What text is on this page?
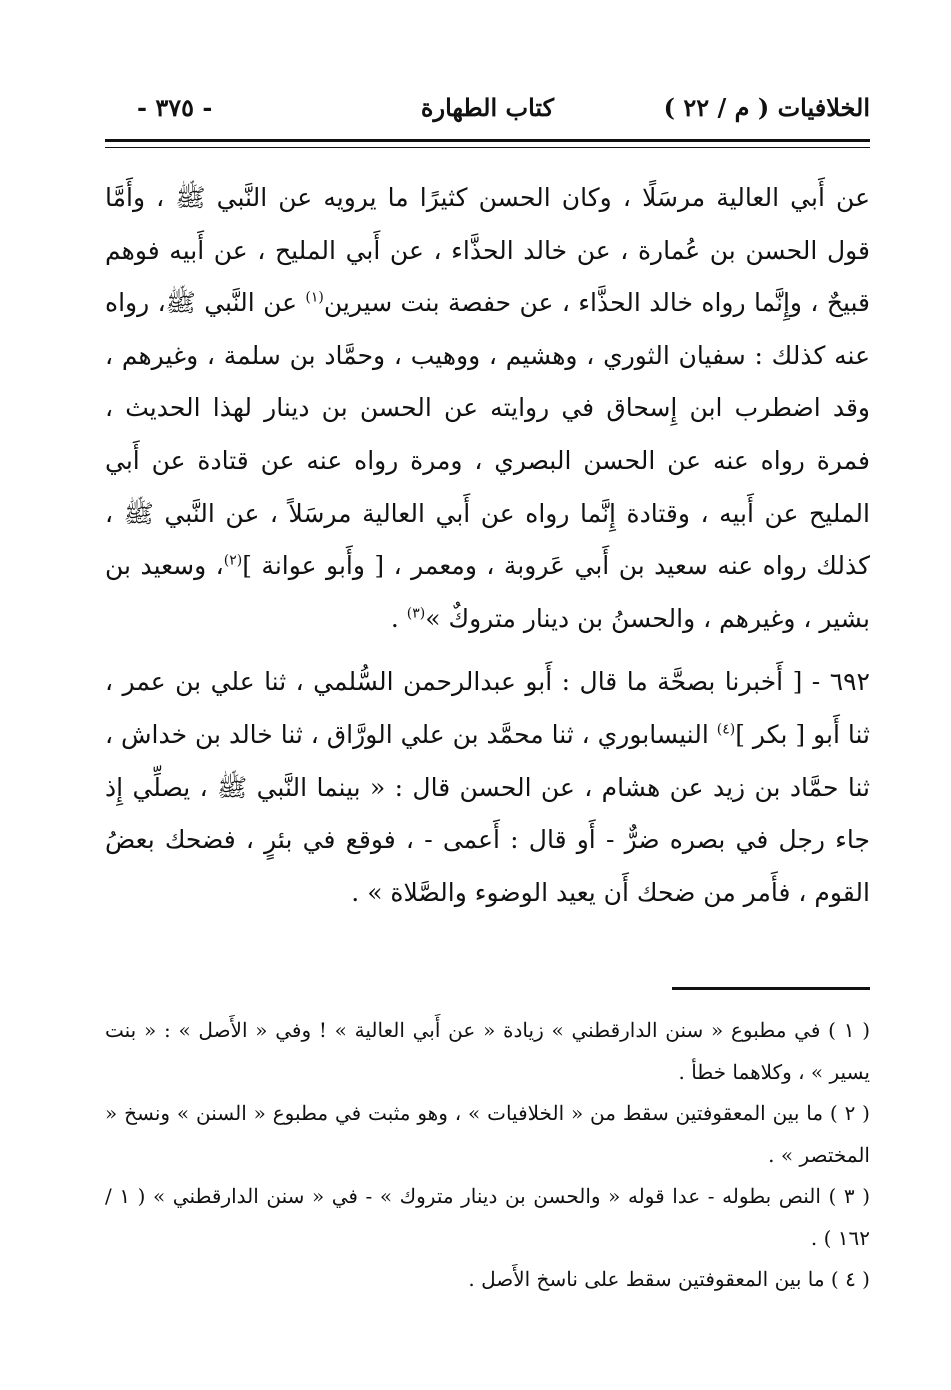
الخلافيات ( م / ٢٢ )
كتاب الطهارة
- ٣٧٥ -

عن أَبي العالية مرسَلًا ، وكان الحسن كثيرًا ما يرويه عن النَّبي ﷺ ، وأَمَّا قول الحسن بن عُمارة ، عن خالد الحذَّاء ، عن أَبي المليح ، عن أَبيه فوهم قبيحٌ ، وإِنَّما رواه خالد الحذَّاء ، عن حفصة بنت سيرين$^{(١)}$ عن النَّبي ﷺ، رواه عنه كذلك : سفيان الثوري ، وهشيم ، ووهيب ، وحمَّاد بن سلمة ، وغيرهم ، وقد اضطرب ابن إِسحاق في روايته عن الحسن بن دينار لهذا الحديث ، فمرة رواه عنه عن الحسن البصري ، ومرة رواه عنه عن قتادة عن أَبي المليح عن أَبيه ، وقتادة إِنَّما رواه عن أَبي العالية مرسَلاً ، عن النَّبي ﷺ ، كذلك رواه عنه سعيد بن أَبي عَروبة ، ومعمر ، [ وأَبو عوانة ]$^{(٢)}$، وسعيد بن بشير ، وغيرهم ، والحسنُ بن دينار متروكٌ »$^{(٣)}$ .

٦٩٢ - [ أَخبرنا بصحَّة ما قال : أَبو عبدالرحمن السُّلمي ، ثنا علي بن عمر ، ثنا أَبو [ بكر ]$^{(٤)}$ النيسابوري ، ثنا محمَّد بن علي الورَّاق ، ثنا خالد بن خداش ، ثنا حمَّاد بن زيد عن هشام ، عن الحسن قال : « بينما النَّبي ﷺ ، يصلِّي إِذ جاء رجل في بصره ضرٌّ - أَو قال : أَعمى - ، فوقع في بئرٍ ، فضحك بعضُ القوم ، فأَمر من ضحك أَن يعيد الوضوء والصَّلاة » .

( ١ ) في مطبوع « سنن الدارقطني » زيادة « عن أَبي العالية » ! وفي « الأَصل » : « بنت يسير » ، وكلاهما خطأ .

( ٢ ) ما بين المعقوفتين سقط من « الخلافيات » ، وهو مثبت في مطبوع « السنن » ونسخ « المختصر » .

( ٣ ) النص بطوله - عدا قوله « والحسن بن دينار متروك » - في « سنن الدارقطني » ( ١ / ١٦٢ ) .

( ٤ ) ما بين المعقوفتين سقط على ناسخ الأَصل .
